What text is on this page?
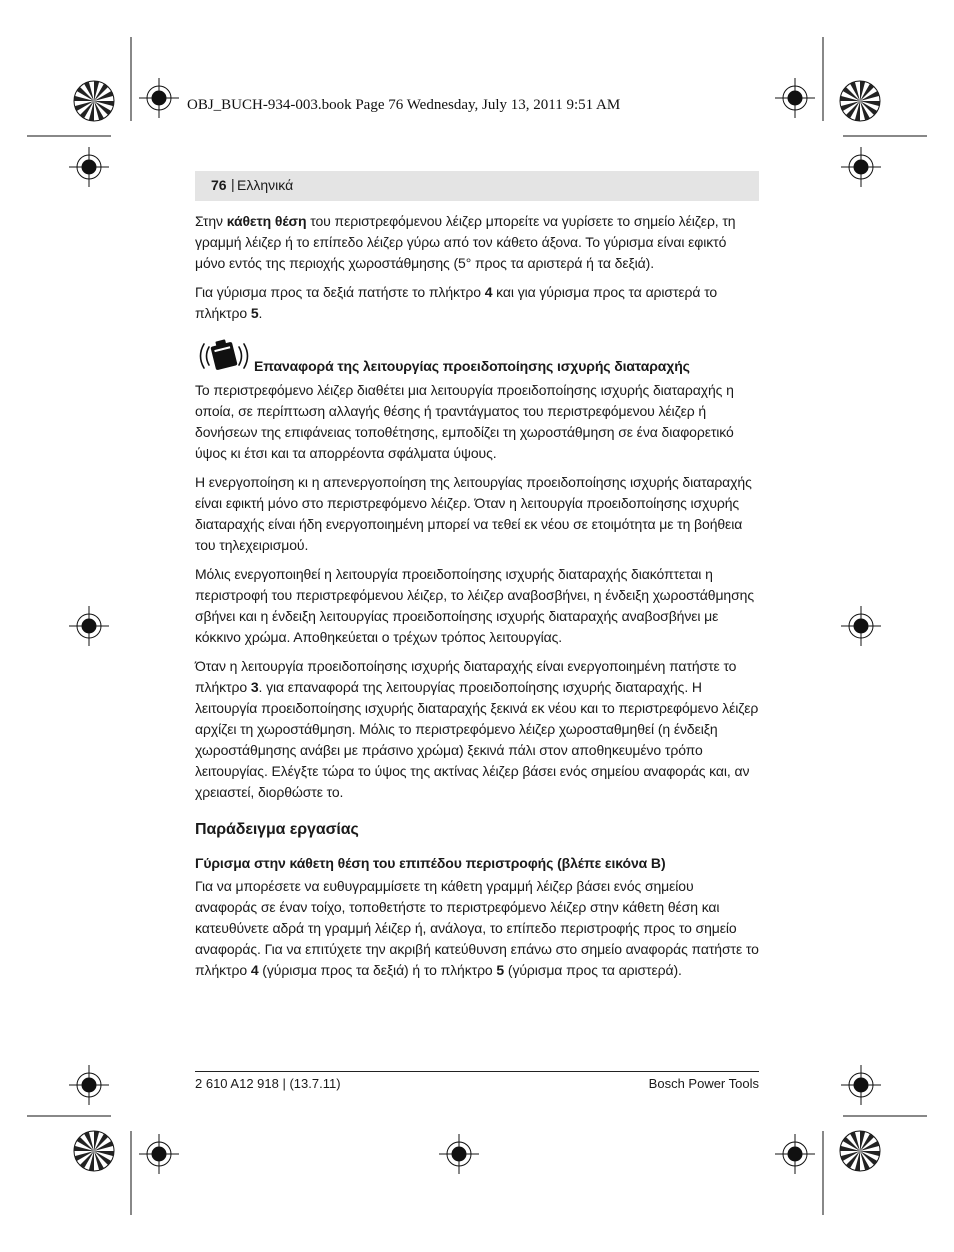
OBJ_BUCH-934-003.book Page 76 Wednesday, July 13, 2011 9:51 AM
76 | Ελληνικά

Στην κάθετη θέση του περιστρεφόμενου λέιζερ μπορείτε να γυρίσετε το σημείο λέιζερ, τη γραμμή λέιζερ ή το επίπεδο λέιζερ γύρω από τον κάθετο άξονα. Το γύρισμα είναι εφικτό μόνο εντός της περιοχής χωροστάθμησης (5° προς τα αριστερά ή τα δεξιά).

Για γύρισμα προς τα δεξιά πατήστε το πλήκτρο 4 και για γύρισμα προς τα αριστερά το πλήκτρο 5.

Επαναφορά της λειτουργίας προειδοποίησης ισχυρής διαταραχής

Το περιστρεφόμενο λέιζερ διαθέτει μια λειτουργία προειδοποίησης ισχυρής διαταραχής η οποία, σε περίπτωση αλλαγής θέσης ή τραντάγματος του περιστρεφόμενου λέιζερ ή δονήσεων της επιφάνειας τοποθέτησης, εμποδίζει τη χωροστάθμηση σε ένα διαφορετικό ύψος κι έτσι και τα απορρέοντα σφάλματα ύψους.

Η ενεργοποίηση κι η απενεργοποίηση της λειτουργίας προειδοποίησης ισχυρής διαταραχής είναι εφικτή μόνο στο περιστρεφόμενο λέιζερ. Όταν η λειτουργία προειδοποίησης ισχυρής διαταραχής είναι ήδη ενεργοποιημένη μπορεί να τεθεί εκ νέου σε ετοιμότητα με τη βοήθεια του τηλεχειρισμού.

Μόλις ενεργοποιηθεί η λειτουργία προειδοποίησης ισχυρής διαταραχής διακόπτεται η περιστροφή του περιστρεφόμενου λέιζερ, το λέιζερ αναβοσβήνει, η ένδειξη χωροστάθμησης σβήνει και η ένδειξη λειτουργίας προειδοποίησης ισχυρής διαταραχής αναβοσβήνει με κόκκινο χρώμα. Αποθηκεύεται ο τρέχων τρόπος λειτουργίας.

Όταν η λειτουργία προειδοποίησης ισχυρής διαταραχής είναι ενεργοποιημένη πατήστε το πλήκτρο 3. για επαναφορά της λειτουργίας προειδοποίησης ισχυρής διαταραχής. Η λειτουργία προειδοποίησης ισχυρής διαταραχής ξεκινά εκ νέου και το περιστρεφόμενο λέιζερ αρχίζει τη χωροστάθμηση. Μόλις το περιστρεφόμενο λέιζερ χωροσταθμηθεί (η ένδειξη χωροστάθμησης ανάβει με πράσινο χρώμα) ξεκινά πάλι στον αποθηκευμένο τρόπο λειτουργίας. Ελέγξτε τώρα το ύψος της ακτίνας λέιζερ βάσει ενός σημείου αναφοράς και, αν χρειαστεί, διορθώστε το.

Παράδειγμα εργασίας
Γύρισμα στην κάθετη θέση του επιπέδου περιστροφής (βλέπε εικόνα B)

Για να μπορέσετε να ευθυγραμμίσετε τη κάθετη γραμμή λέιζερ βάσει ενός σημείου αναφοράς σε έναν τοίχο, τοποθετήστε το περιστρεφόμενο λέιζερ στην κάθετη θέση και κατευθύνετε αδρά τη γραμμή λέιζερ ή, ανάλογα, το επίπεδο περιστροφής προς το σημείο αναφοράς. Για να επιτύχετε την ακριβή κατεύθυνση επάνω στο σημείο αναφοράς πατήστε το πλήκτρο 4 (γύρισμα προς τα δεξιά) ή το πλήκτρο 5 (γύρισμα προς τα αριστερά).

2 610 A12 918 | (13.7.11)	Bosch Power Tools
